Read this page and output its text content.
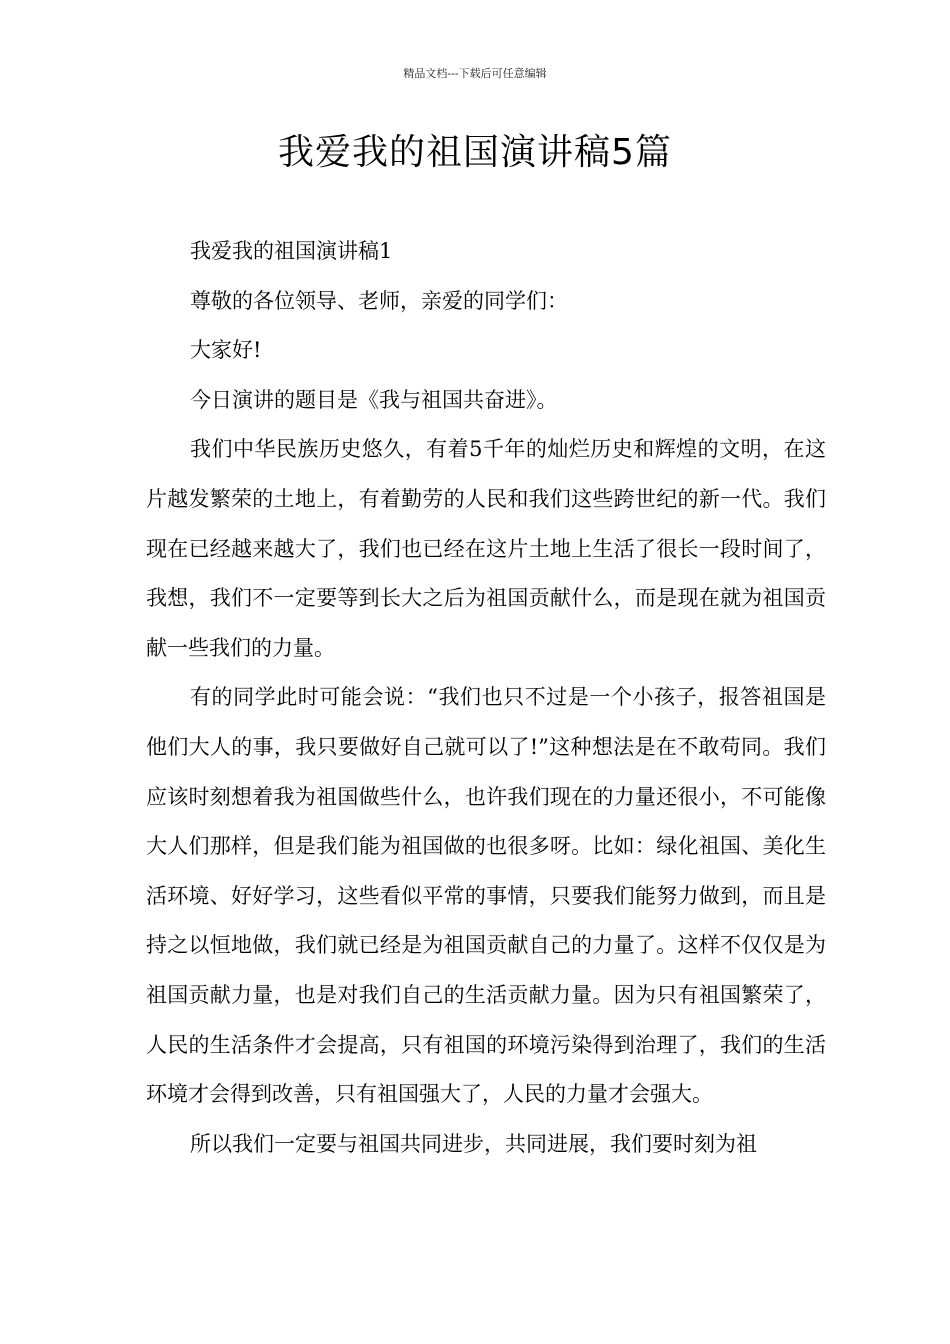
精品文档---下载后可任意编辑
我爱我的祖国演讲稿5篇

我爱我的祖国演讲稿1

尊敬的各位领导、老师，亲爱的同学们：

大家好!

今日演讲的题目是《我与祖国共奋进》。

我们中华民族历史悠久，有着5千年的灿烂历史和辉煌的文明，在这片越发繁荣的土地上，有着勤劳的人民和我们这些跨世纪的新一代。我们现在已经越来越大了，我们也已经在这片土地上生活了很长一段时间了，我想，我们不一定要等到长大之后为祖国贡献什么，而是现在就为祖国贡献一些我们的力量。

有的同学此时可能会说：“我们也只不过是一个小孩子，报答祖国是他们大人的事，我只要做好自己就可以了!”这种想法是在不敢苟同。我们应该时刻想着我为祖国做些什么，也许我们现在的力量还很小，不可能像大人们那样，但是我们能为祖国做的也很多呀。比如：绿化祖国、美化生活环境、好好学习，这些看似平常的事情，只要我们能努力做到，而且是持之以恒地做，我们就已经是为祖国贡献自己的力量了。这样不仅仅是为祖国贡献力量，也是对我们自己的生活贡献力量。因为只有祖国繁荣了，人民的生活条件才会提高，只有祖国的环境污染得到治理了，我们的生活环境才会得到改善，只有祖国强大了，人民的力量才会强大。

所以我们一定要与祖国共同进步，共同进展，我们要时刻为祖
